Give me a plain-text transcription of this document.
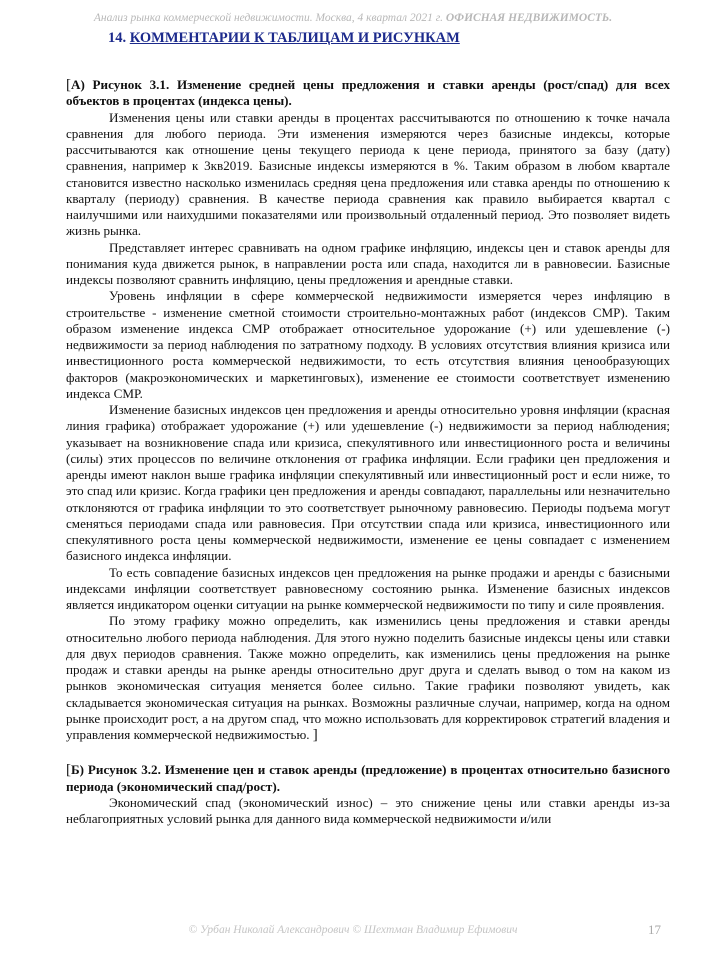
Анализ рынка коммерческой недвижимости. Москва, 4 квартал 2021 г. ОФИСНАЯ НЕДВИЖИМОСТЬ.
14. КОММЕНТАРИИ К ТАБЛИЦАМ И РИСУНКАМ

[А) Рисунок 3.1. Изменение средней цены предложения и ставки аренды (рост/спад) для всех объектов в процентах (индекса цены).

Изменения цены или ставки аренды в процентах рассчитываются по отношению к точке начала сравнения для любого периода. Эти изменения измеряются через базисные индексы, которые рассчитываются как отношение цены текущего периода к цене периода, принятого за базу (дату) сравнения, например к 3кв2019. Базисные индексы измеряются в %. Таким образом в любом квартале становится известно насколько изменилась средняя цена предложения или ставка аренды по отношению к кварталу (периоду) сравнения. В качестве периода сравнения как правило выбирается квартал с наилучшими или наихудшими показателями или произвольный отдаленный период. Это позволяет видеть жизнь рынка.

Представляет интерес сравнивать на одном графике инфляцию, индексы цен и ставок аренды для понимания куда движется рынок, в направлении роста или спада, находится ли в равновесии. Базисные индексы позволяют сравнить инфляцию, цены предложения и арендные ставки.

Уровень инфляции в сфере коммерческой недвижимости измеряется через инфляцию в строительстве - изменение сметной стоимости строительно-монтажных работ (индексов СМР). Таким образом изменение индекса СМР отображает относительное удорожание (+) или удешевление (-) недвижимости за период наблюдения по затратному подходу. В условиях отсутствия влияния кризиса или инвестиционного роста коммерческой недвижимости, то есть отсутствия влияния ценообразующих факторов (макроэкономических и маркетинговых), изменение ее стоимости соответствует изменению индекса СМР.

Изменение базисных индексов цен предложения и аренды относительно уровня инфляции (красная линия графика) отображает удорожание (+) или удешевление (-) недвижимости за период наблюдения; указывает на возникновение спада или кризиса, спекулятивного или инвестиционного роста и величины (силы) этих процессов по величине отклонения от графика инфляции. Если графики цен предложения и аренды имеют наклон выше графика инфляции спекулятивный или инвестиционный рост и если ниже, то это спад или кризис. Когда графики цен предложения и аренды совпадают, параллельны или незначительно отклоняются от графика инфляции то это соответствует рыночному равновесию. Периоды подъема могут сменяться периодами спада или равновесия. При отсутствии спада или кризиса, инвестиционного или спекулятивного роста цены коммерческой недвижимости, изменение ее цены совпадает с изменением базисного индекса инфляции.

То есть совпадение базисных индексов цен предложения на рынке продажи и аренды с базисными индексами инфляции соответствует равновесному состоянию рынка. Изменение базисных индексов является индикатором оценки ситуации на рынке коммерческой недвижимости по типу и силе проявления.

По этому графику можно определить, как изменились цены предложения и ставки аренды относительно любого периода наблюдения. Для этого нужно поделить базисные индексы цены или ставки для двух периодов сравнения. Также можно определить, как изменились цены предложения на рынке продаж и ставки аренды на рынке аренды относительно друг друга и сделать вывод о том на каком из рынков экономическая ситуация меняется более сильно. Такие графики позволяют увидеть, как складывается экономическая ситуация на рынках. Возможны различные случаи, например, когда на одном рынке происходит рост, а на другом спад, что можно использовать для корректировок стратегий владения и управления коммерческой недвижимостью. ]

[Б) Рисунок 3.2. Изменение цен и ставок аренды (предложение) в процентах относительно базисного периода (экономический спад/рост).

Экономический спад (экономический износ) – это снижение цены или ставки аренды из-за неблагоприятных условий рынка для данного вида коммерческой недвижимости и/или

© Урбан Николай Александрович © Шехтман Владимир Ефимович	17
